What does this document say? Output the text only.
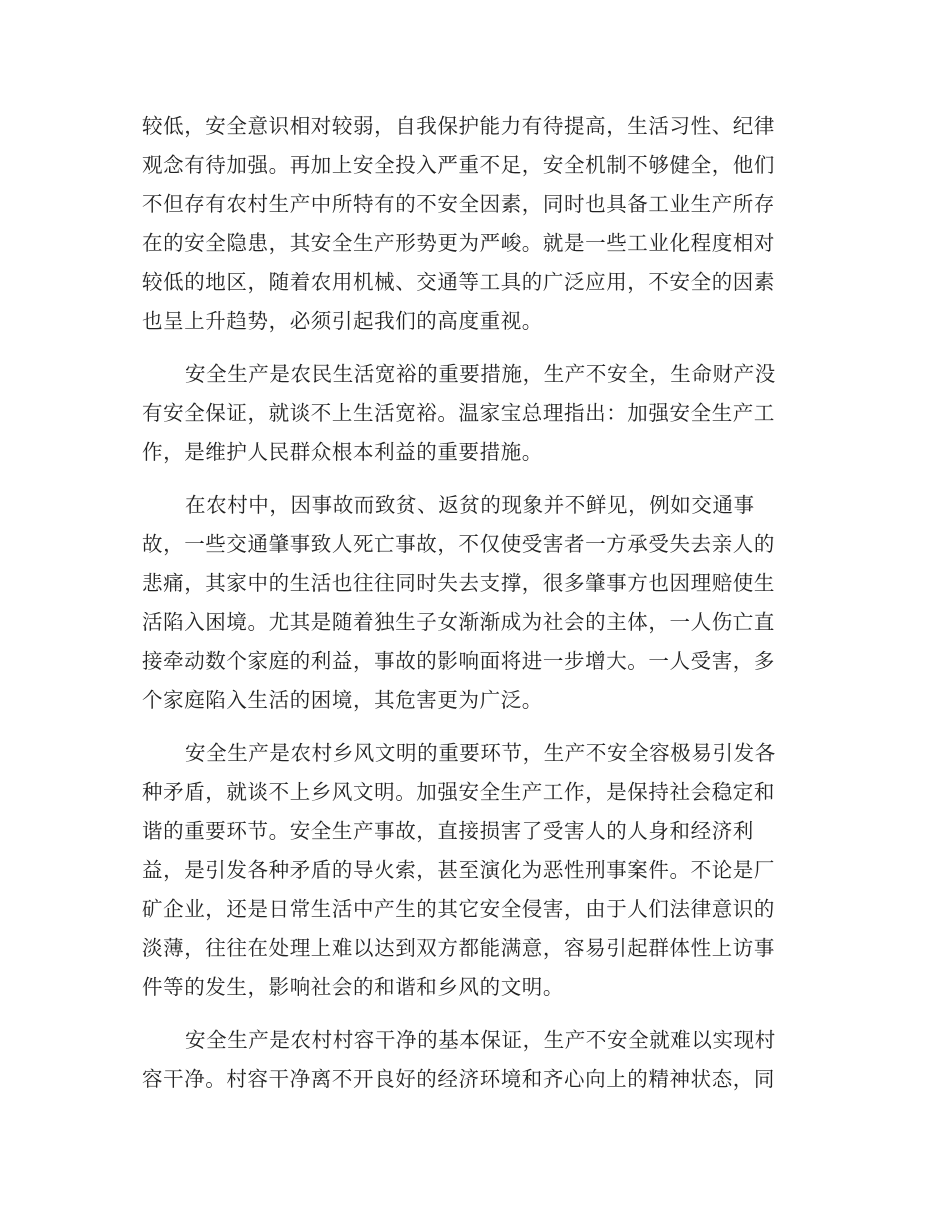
较低，安全意识相对较弱，自我保护能力有待提高，生活习性、纪律
观念有待加强。再加上安全投入严重不足，安全机制不够健全，他们
不但存有农村生产中所特有的不安全因素，同时也具备工业生产所存
在的安全隐患，其安全生产形势更为严峻。就是一些工业化程度相对
较低的地区，随着农用机械、交通等工具的广泛应用，不安全的因素
也呈上升趋势，必须引起我们的高度重视。
安全生产是农民生活宽裕的重要措施，生产不安全，生命财产没
有安全保证，就谈不上生活宽裕。温家宝总理指出：加强安全生产工
作，是维护人民群众根本利益的重要措施。
在农村中，因事故而致贫、返贫的现象并不鲜见，例如交通事
故，一些交通肇事致人死亡事故，不仅使受害者一方承受失去亲人的
悲痛，其家中的生活也往往同时失去支撑，很多肇事方也因理赔使生
活陷入困境。尤其是随着独生子女渐渐成为社会的主体，一人伤亡直
接牵动数个家庭的利益，事故的影响面将进一步增大。一人受害，多
个家庭陷入生活的困境，其危害更为广泛。
安全生产是农村乡风文明的重要环节，生产不安全容极易引发各
种矛盾，就谈不上乡风文明。加强安全生产工作，是保持社会稳定和
谐的重要环节。安全生产事故，直接损害了受害人的人身和经济利
益，是引发各种矛盾的导火索，甚至演化为恶性刑事案件。不论是厂
矿企业，还是日常生活中产生的其它安全侵害，由于人们法律意识的
淡薄，往往在处理上难以达到双方都能满意，容易引起群体性上访事
件等的发生，影响社会的和谐和乡风的文明。
安全生产是农村村容干净的基本保证，生产不安全就难以实现村
容干净。村容干净离不开良好的经济环境和齐心向上的精神状态，同
